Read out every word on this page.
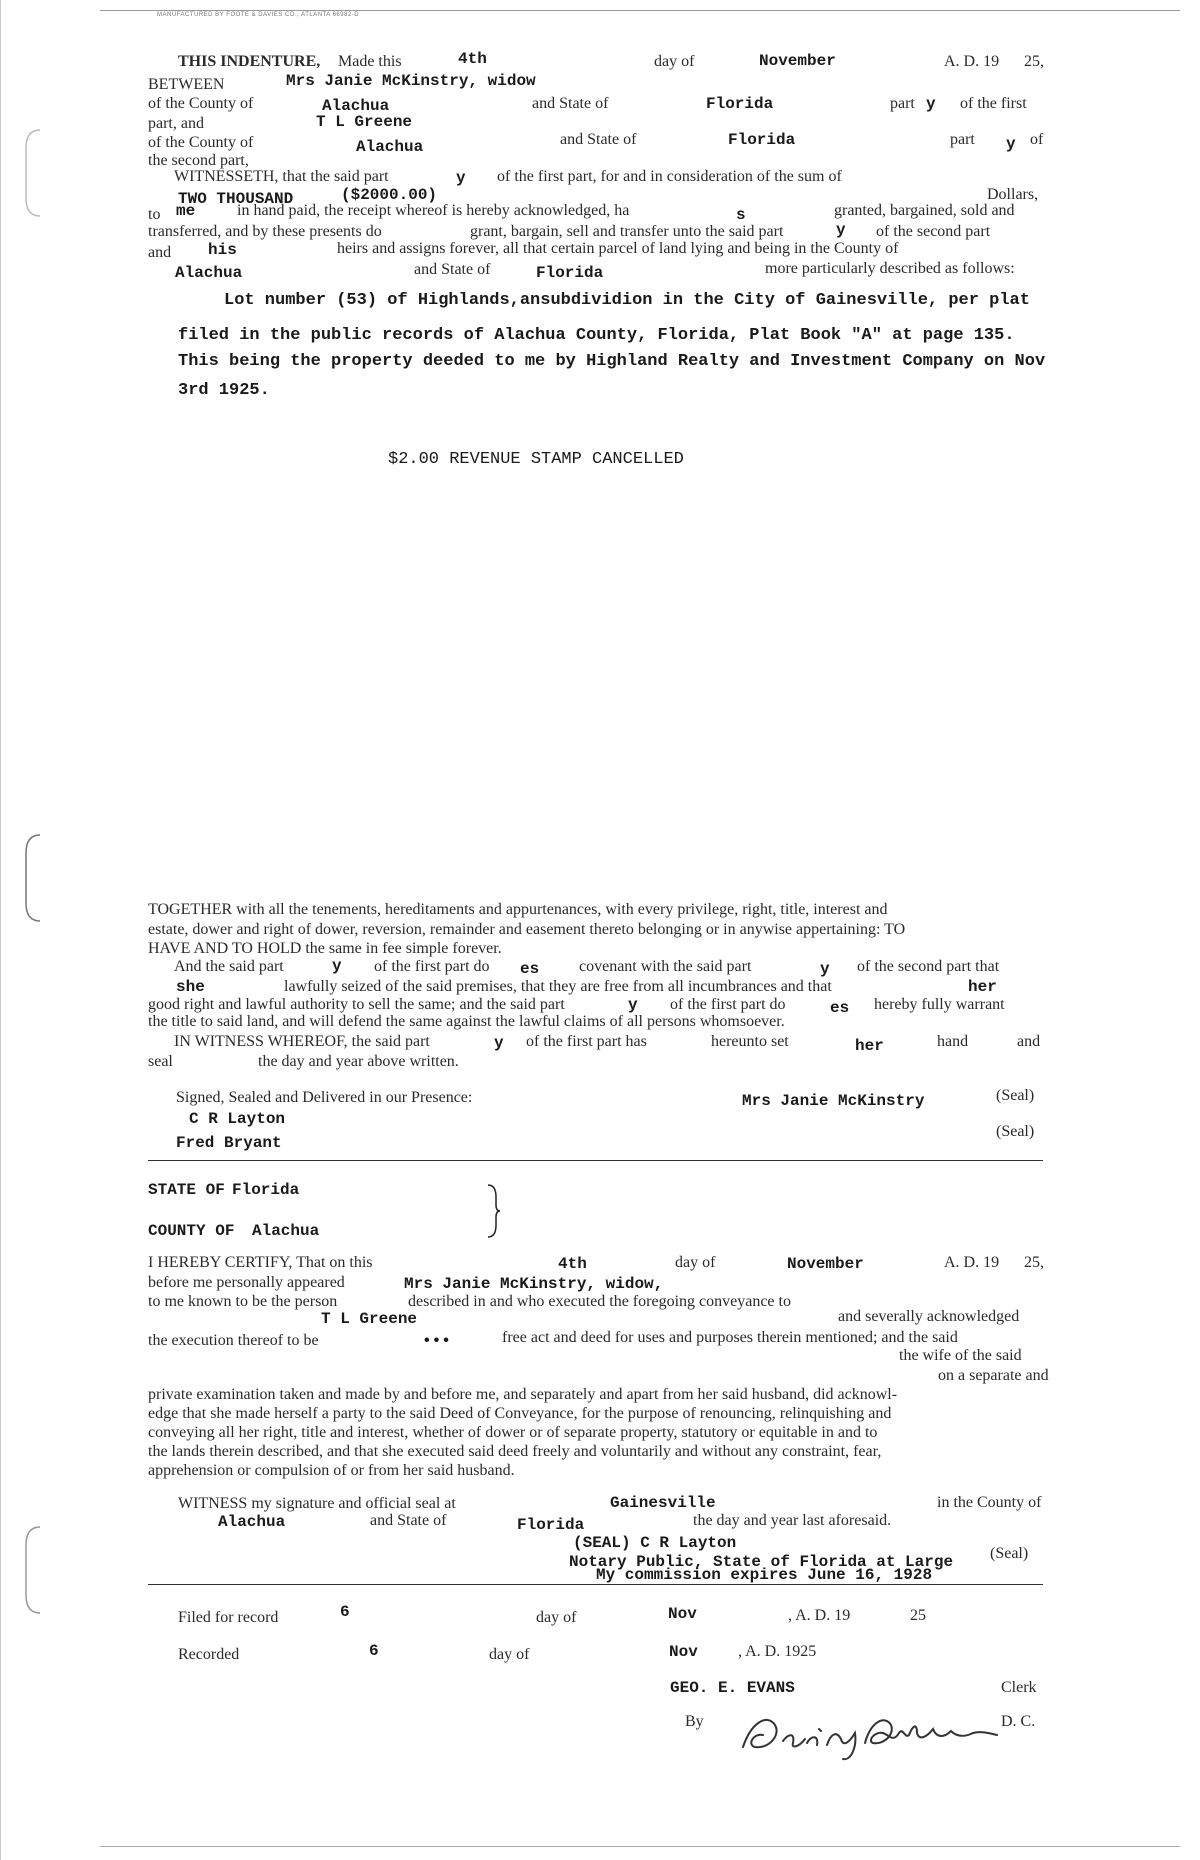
MANUFACTURED BY FOOTE & DAVIES CO., ATLANTA 66982-D
THIS INDENTURE, Made this	4th	day of	November	A. D. 19 25,
BETWEEN	Mrs Janie McKinstry, widow
of the County of	Alachua	and State of	Florida	part y of the first
part, and	T L Greene
of the County of	Alachua	and State of	Florida	part y of
the second part,
WITNESSETH, that the said part	y of the first part, for and in consideration of the sum of
TWO THOUSAND	($2000.00)	Dollars,
to me	in hand paid, the receipt whereof is hereby acknowledged, ha	s	granted, bargained, sold and
transferred, and by these presents do	grant, bargain, sell and transfer unto the said part	y of the second part
and his	heirs and assigns forever, all that certain parcel of land lying and being in the County of
Alachua	and State of	Florida	more particularly described as follows:
Lot number (53) of Highlands,ansubdividion in the City of Gainesville, per plat
filed in the public records of Alachua County, Florida, Plat Book "A" at page 135.
This being the property deeded to me by Highland Realty and Investment Company on Nov
3rd 1925.
$2.00 REVENUE STAMP CANCELLED
TOGETHER with all the tenements, hereditaments and appurtenances, with every privilege, right, title, interest and
estate, dower and right of dower, reversion, remainder and easement thereto belonging or in anywise appertaining: TO
HAVE AND TO HOLD the same in fee simple forever.
And the said part	y of the first part do es covenant with the said part	y of the second part that
she	lawfully seized of the said premises, that they are free from all incumbrances and that	her
good right and lawful authority to sell the same; and the said part	y of the first part do	es hereby fully warrant
the title to said land, and will defend the same against the lawful claims of all persons whomsoever.
IN WITNESS WHEREOF, the said part	y of the first part has	hereunto set	her	hand	and
seal	the day and year above written.
Signed, Sealed and Delivered in our Presence:
C R Layton
Fred Bryant
Mrs Janie McKinstry	(Seal)
(Seal)
STATE OF Florida
COUNTY OF Alachua
I HEREBY CERTIFY, That on this	4th	day of	November	A. D. 19 25 ,
before me personally appeared	Mrs Janie McKinstry, widow,
to me known to be the person	described in and who executed the foregoing conveyance to
T L Greene	and severally acknowledged
the execution thereof to be	•••	free act and deed for uses and purposes therein mentioned; and the said
the wife of the said
on a separate and
private examination taken and made by and before me, and separately and apart from her said husband, did acknowl-
edge that she made herself a party to the said Deed of Conveyance, for the purpose of renouncing, relinquishing and
conveying all her right, title and interest, whether of dower or of separate property, statutory or equitable in and to
the lands therein described, and that she executed said deed freely and voluntarily and without any constraint, fear,
apprehension or compulsion of or from her said husband.
WITNESS my signature and official seal at	Gainesville	in the County of
Alachua	and State of	Florida	the day and year last aforesaid.
(SEAL) C R Layton
Notary Public, State of Florida at Large (Seal)
My commission expires June 16, 1928
Filed for record	6	day of	Nov	, A. D. 19	25
Recorded	6	day of	Nov	, A. D. 1925
GEO. E. EVANS	Clerk
By	D. C.
